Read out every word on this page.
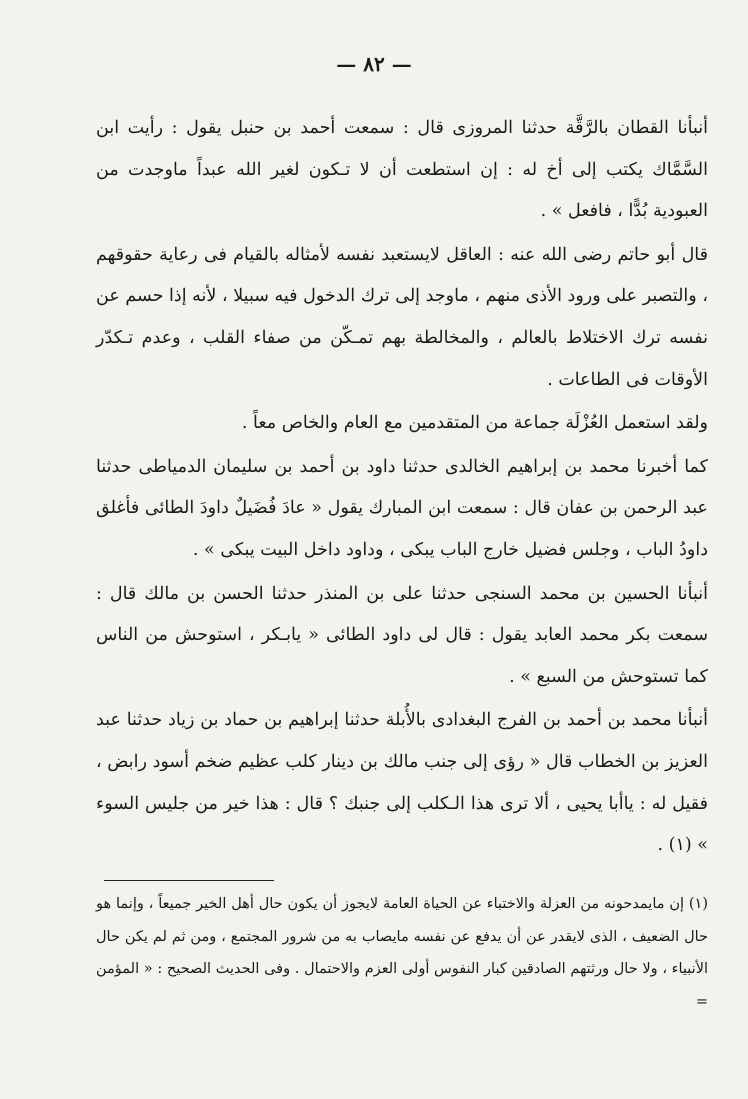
— ٨٢ —

أنبأنا القطان بالرَّقَّة حدثنا المروزى قال : سمعت أحمد بن حنبل يقول : رأيت ابن السَّمَّاك يكتب إلى أخ له : إن استطعت أن لا تـكون لغير الله عبداً ماوجدت من العبودية بُدًّا ، فافعل » .

قال أبو حاتم رضى الله عنه : العاقل لايستعبد نفسه لأمثاله بالقيام فى رعاية حقوقهم ، والتصبر على ورود الأذى منهم ، ماوجد إلى ترك الدخول فيه سبيلا ، لأنه إذا حسم عن نفسه ترك الاختلاط بالعالم ، والمخالطة بهم تمـكّن من صفاء القلب ، وعدم تـكدّر الأوقات فى الطاعات .

ولقد استعمل العُزْلَة جماعة من المتقدمين مع العام والخاص معاً .

كما أخبرنا محمد بن إبراهيم الخالدى حدثنا داود بن أحمد بن سليمان الدمياطى حدثنا عبد الرحمن بن عفان قال : سمعت ابن المبارك يقول « عادَ فُضَيلٌ داودَ الطائى فأغلق داودُ الباب ، وجلس فضيل خارج الباب يبكى ، وداود داخل البيت يبكى » .

أنبأنا الحسين بن محمد السنجى حدثنا على بن المنذر حدثنا الحسن بن مالك قال : سمعت بكر محمد العابد يقول : قال لى داود الطائى « يابـكر ، استوحش من الناس كما تستوحش من السبع » .

أنبأنا محمد بن أحمد بن الفرج البغدادى بالأُبلة حدثنا إبراهيم بن حماد بن زياد حدثنا عبد العزيز بن الخطاب قال « رؤى إلى جنب مالك بن دينار كلب عظيم ضخم أسود رابض ، فقيل له : ياأبا يحيى ، ألا ترى هذا الـكلب إلى جنبك ؟ قال : هذا خير من جليس السوء » (١) .

(١) إن مايمدحونه من العزلة والاختباء عن الحياة العامة لايجوز أن يكون حال أهل الخير جميعاً ، وإنما هو حال الضعيف ، الذى لايقدر عن أن يدفع عن نفسه مايصاب به من شرور المجتمع ، ومن ثم لم يكن حال الأنبياء ، ولا حال ورثتهم الصادقين كبار النفوس أولى العزم والاحتمال . وفى الحديث الصحيح : « المؤمن =
